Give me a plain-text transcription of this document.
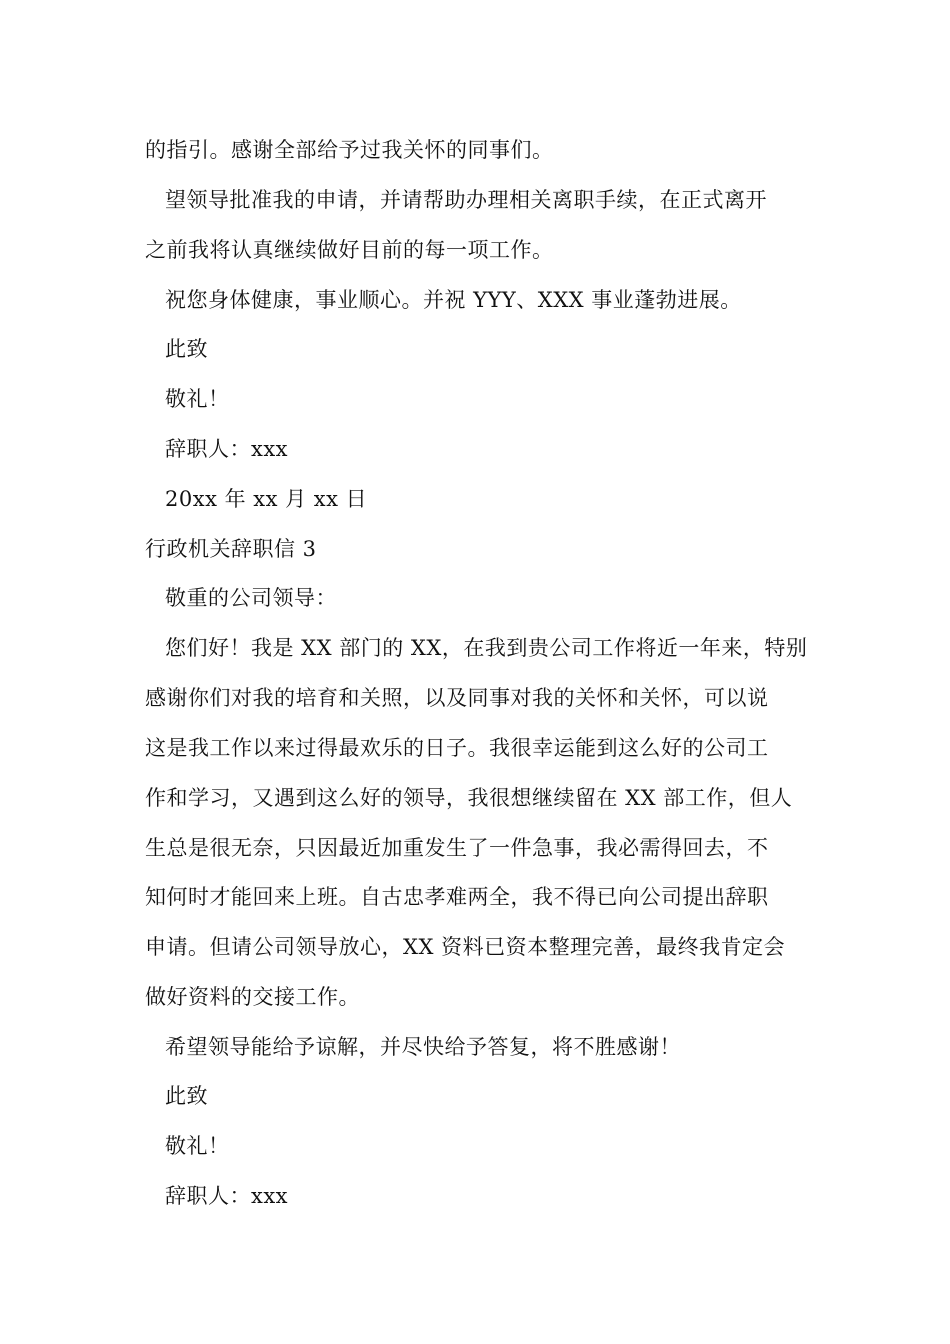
的指引。感谢全部给予过我关怀的同事们。
望领导批准我的申请，并请帮助办理相关离职手续，在正式离开
之前我将认真继续做好目前的每一项工作。
祝您身体健康，事业顺心。并祝 YYY、XXX 事业蓬勃进展。
此致
敬礼！
辞职人：xxx
20xx 年 xx 月 xx 日
行政机关辞职信 3
敬重的公司领导：
您们好！我是 XX 部门的 XX，在我到贵公司工作将近一年来，特别
感谢你们对我的培育和关照，以及同事对我的关怀和关怀，可以说
这是我工作以来过得最欢乐的日子。我很幸运能到这么好的公司工
作和学习，又遇到这么好的领导，我很想继续留在 XX 部工作，但人
生总是很无奈，只因最近加重发生了一件急事，我必需得回去，不
知何时才能回来上班。自古忠孝难两全，我不得已向公司提出辞职
申请。但请公司领导放心，XX 资料已资本整理完善，最终我肯定会
做好资料的交接工作。
希望领导能给予谅解，并尽快给予答复，将不胜感谢！
此致
敬礼！
辞职人：xxx
